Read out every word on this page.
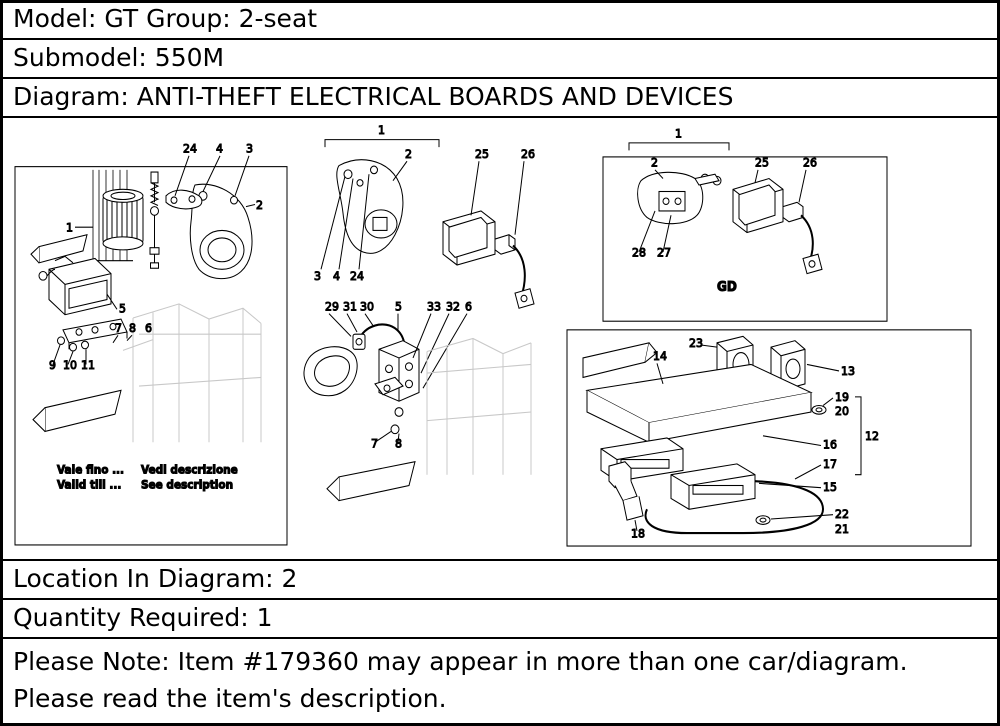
Model: GT Group: 2-seat
Submodel: 550M
Diagram: ANTI-THEFT ELECTRICAL BOARDS AND DEVICES
1
24 4 3
2
5
7 8 6
9 10 11
Vale fino ... Vedi descrizione
Valid till ... See description
1
3 4 24
2	25	26
5
29 31 30	33 32 6
7 8
1
2
28 27
25	26
GD
23
13
14
19
20
12
16
15
17
18
22
21
Location In Diagram: 2
Quantity Required: 1
Please Note: Item #179360 may appear in more than one car/diagram. Please read the item's description.
